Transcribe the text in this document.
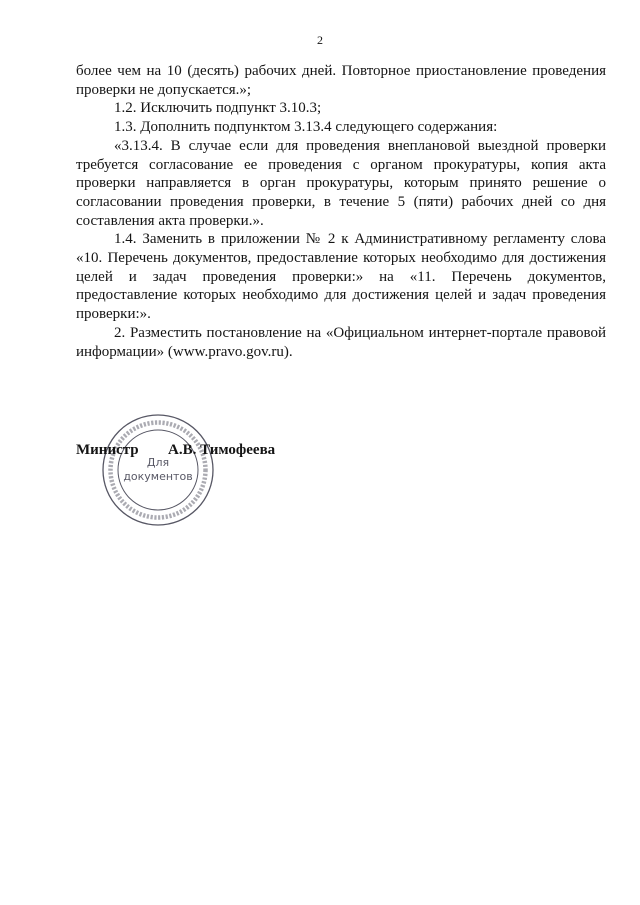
2

более чем на 10 (десять) рабочих дней. Повторное приостановление проведения проверки не допускается.»;

1.2. Исключить подпункт 3.10.3;

1.3. Дополнить подпунктом 3.13.4 следующего содержания:

«3.13.4. В случае если для проведения внеплановой выездной проверки требуется согласование ее проведения с органом прокуратуры, копия акта проверки направляется в орган прокуратуры, которым принято решение о согласовании проведения проверки, в течение 5 (пяти) рабочих дней со дня составления акта проверки.».

1.4. Заменить в приложении № 2 к Административному регламенту слова «10. Перечень документов, предоставление которых необходимо для достижения целей и задач проведения проверки:» на «11. Перечень документов, предоставление которых необходимо для достижения целей и задач проведения проверки:».

2. Разместить постановление на «Официальном интернет-портале правовой информации» (www.pravo.gov.ru).

Для
документов
Министр А.В. Тимофеева
